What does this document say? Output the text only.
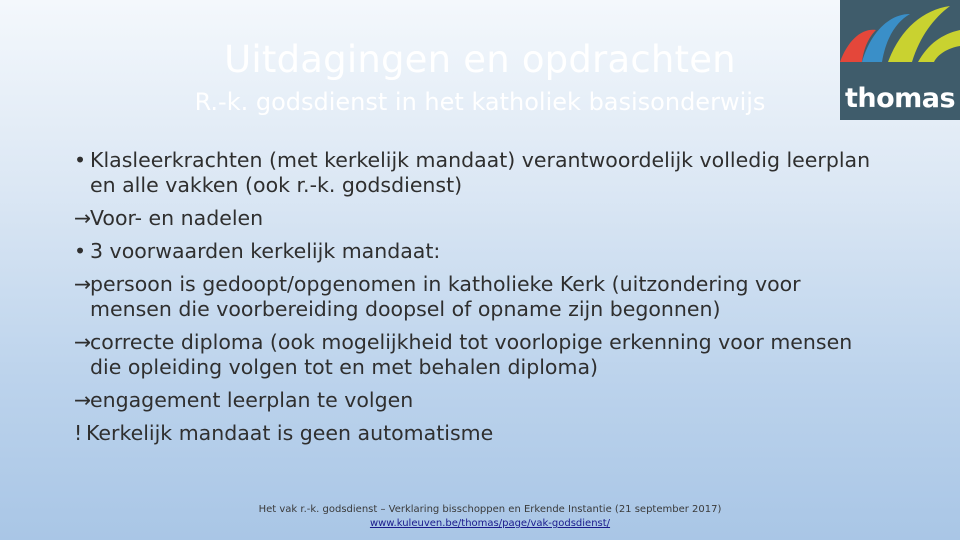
Uitdagingen en opdrachten
R.-k. godsdienst in het katholiek basisonderwijs	thomas
• Klasleerkrachten (met kerkelijk mandaat) verantwoordelijk volledig leerplan en alle vakken (ook r.-k. godsdienst)
→
Voor- en nadelen
• 3 voorwaarden kerkelijk mandaat:
→
persoon is gedoopt/opgenomen in katholieke Kerk (uitzondering voor mensen die voorbereiding doopsel of opname zijn begonnen)
→
correcte diploma (ook mogelijkheid tot voorlopige erkenning voor mensen die opleiding volgen tot en met behalen diploma)
→
engagement leerplan te volgen
! Kerkelijk mandaat is geen automatisme
Het vak r.-k. godsdienst – Verklaring bisschoppen en Erkende Instantie (21 september 2017)
www.kuleuven.be/thomas/page/vak-godsdienst/
